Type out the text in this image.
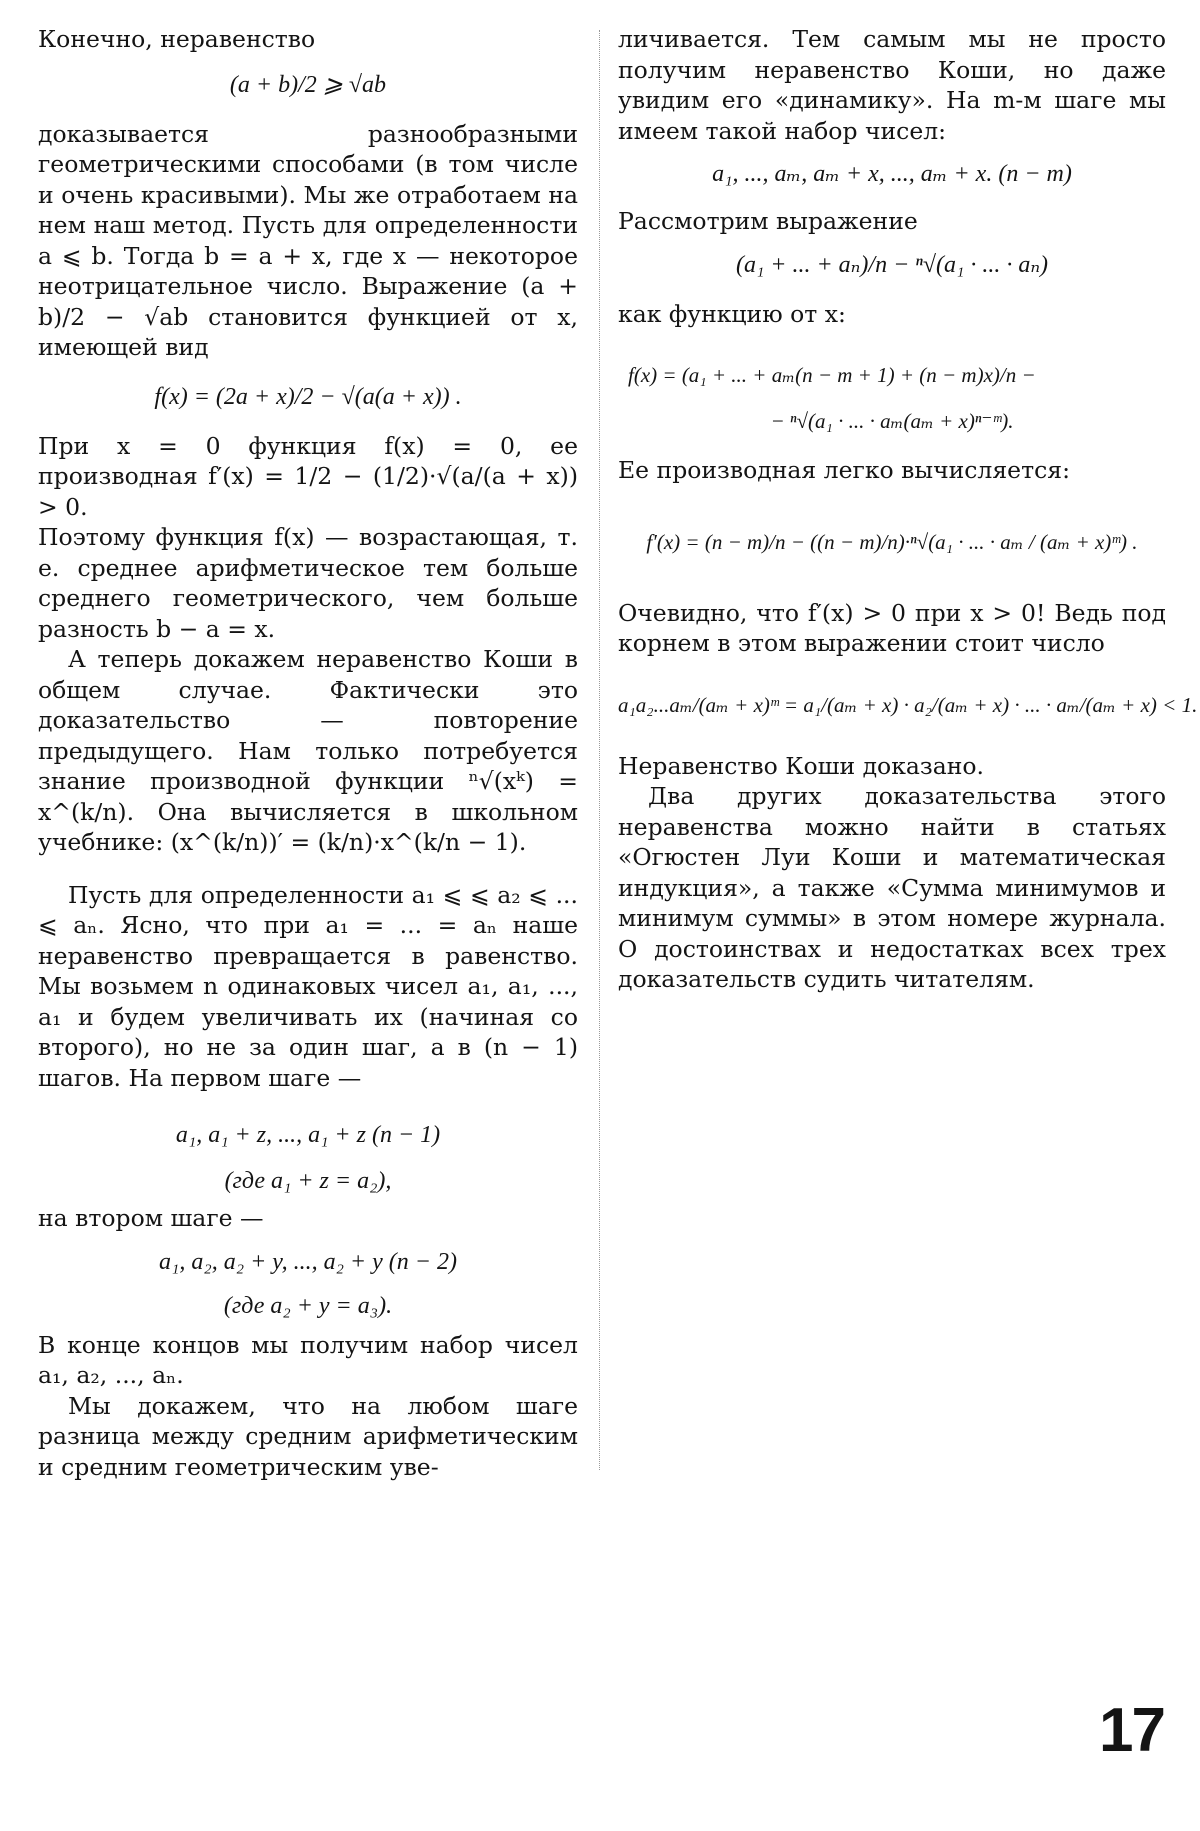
Конечно, неравенство

(a + b)/2 ⩾ √ab

доказывается разнообразными геометрическими способами (в том числе и очень красивыми). Мы же отработаем на нем наш метод. Пусть для определенности a ⩽ b. Тогда b = a + x, где x — некоторое неотрицательное число. Выражение (a + b)/2 − √ab становится функцией от x, имеющей вид

f(x) = (2a + x)/2 − √(a(a + x)) .

При x = 0 функция f(x) = 0, ее производная f′(x) = 1/2 − (1/2)·√(a/(a + x)) > 0.

Поэтому функция f(x) — возрастающая, т. е. среднее арифметическое тем больше среднего геометрического, чем больше разность b − a = x.

А теперь докажем неравенство Коши в общем случае. Фактически это доказательство — повторение предыдущего. Нам только потребуется знание производной функции ⁿ√(xᵏ) = x^(k/n). Она вычисляется в школьном учебнике: (x^(k/n))′ = (k/n)·x^(k/n − 1).

Пусть для определенности a₁ ⩽ ⩽ a₂ ⩽ ... ⩽ aₙ. Ясно, что при a₁ = ... = aₙ наше неравенство превращается в равенство. Мы возьмем n одинаковых чисел a₁, a₁, ..., a₁ и будем увеличивать их (начиная со второго), но не за один шаг, а в (n − 1) шагов. На первом шаге —

a₁, a₁ + z, ..., a₁ + z (n − 1)

(где a₁ + z = a₂),

на втором шаге —

a₁, a₂, a₂ + y, ..., a₂ + y (n − 2)

(где a₂ + y = a₃).

В конце концов мы получим набор чисел a₁, a₂, ..., aₙ.

Мы докажем, что на любом шаге разница между средним арифметическим и средним геометрическим уве-

личивается. Тем самым мы не просто получим неравенство Коши, но даже увидим его «динамику». На m-м шаге мы имеем такой набор чисел:

a₁, ..., aₘ, aₘ + x, ..., aₘ + x. (n − m)

Рассмотрим выражение

(a₁ + ... + aₙ)/n − ⁿ√(a₁ · ... · aₙ)

как функцию от x:

f(x) = (a₁ + ... + aₘ(n − m + 1) + (n − m)x)/n −

− ⁿ√(a₁ · ... · aₘ(aₘ + x)ⁿ⁻ᵐ).

Ее производная легко вычисляется:

f′(x) = (n − m)/n − ((n − m)/n)·ⁿ√(a₁ · ... · aₘ / (aₘ + x)ᵐ) .

Очевидно, что f′(x) > 0 при x > 0! Ведь под корнем в этом выражении стоит число

a₁a₂...aₘ/(aₘ + x)ᵐ = a₁/(aₘ + x) · a₂/(aₘ + x) · ... · aₘ/(aₘ + x) < 1.

Неравенство Коши доказано.

Два других доказательства этого неравенства можно найти в статьях «Огюстен Луи Коши и математическая индукция», а также «Сумма минимумов и минимум суммы» в этом номере журнала. О достоинствах и недостатках всех трех доказательств судить читателям.

17
